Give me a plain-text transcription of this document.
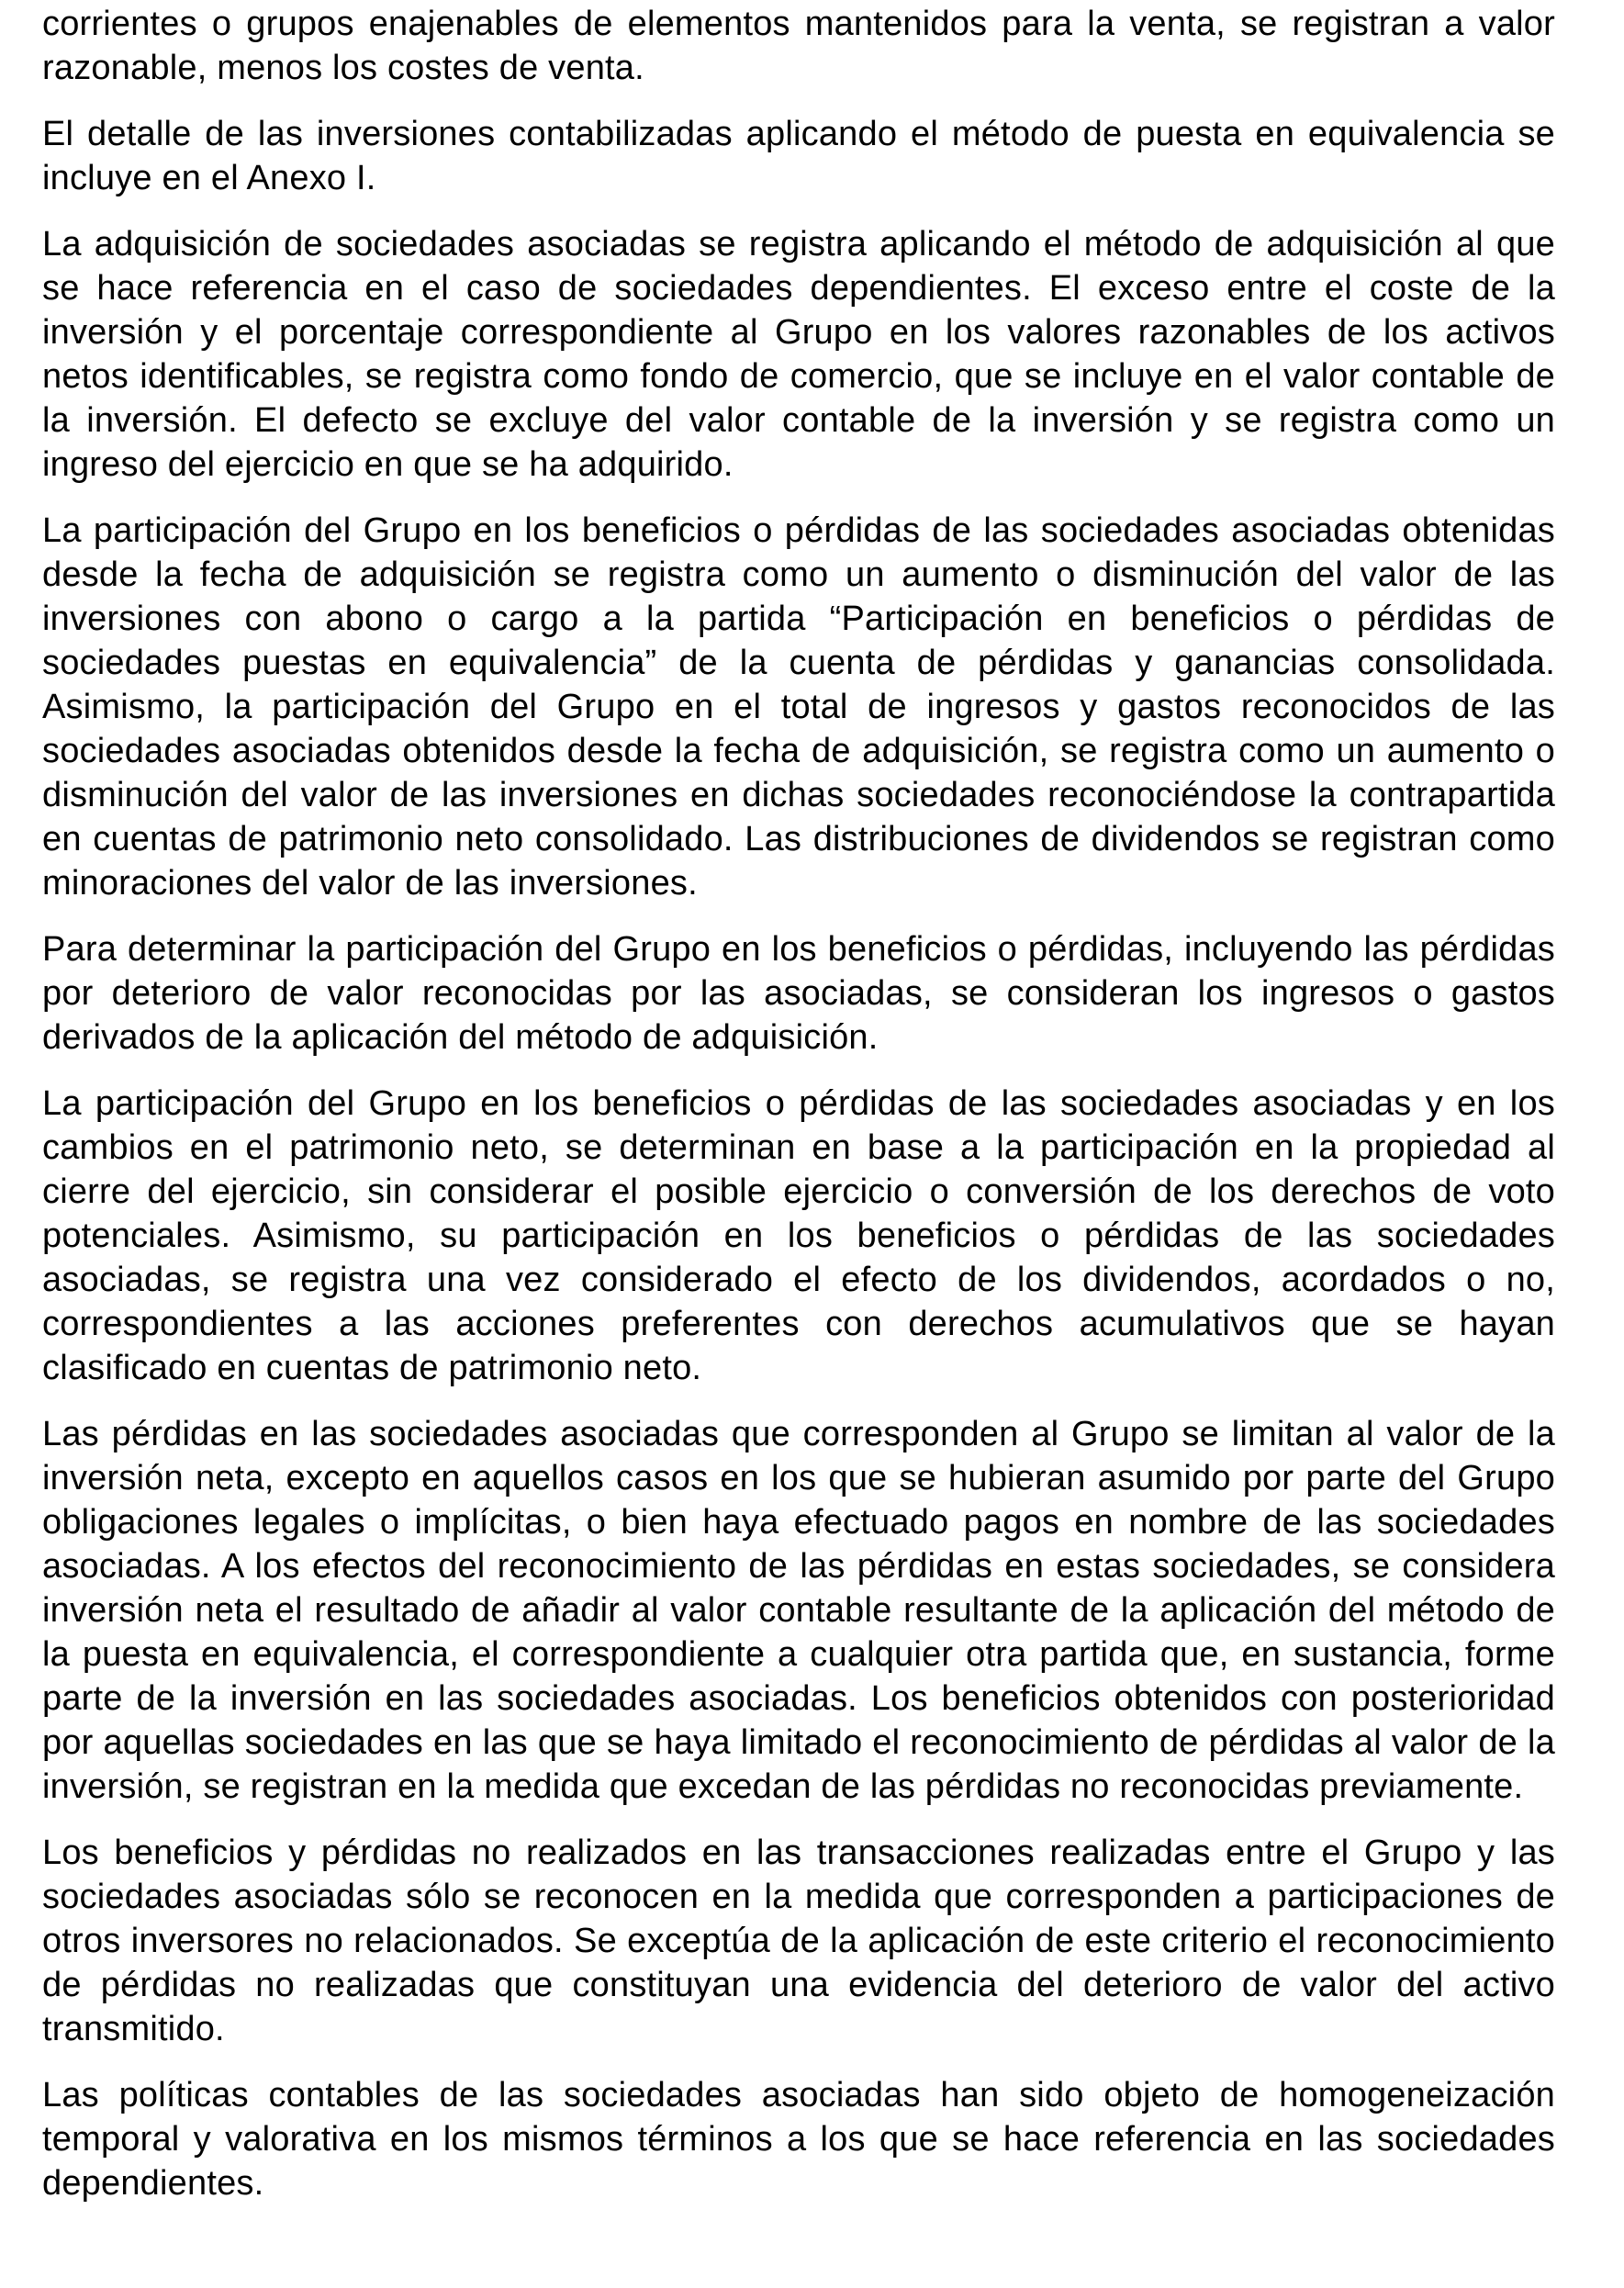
corrientes o grupos enajenables de elementos mantenidos para la venta, se registran a valor razonable, menos los costes de venta.

El detalle de las inversiones contabilizadas aplicando el método de puesta en equivalencia se incluye en el Anexo I.

La adquisición de sociedades asociadas se registra aplicando el método de adquisición al que se hace referencia en el caso de sociedades dependientes. El exceso entre el coste de la inversión y el porcentaje correspondiente al Grupo en los valores razonables de los activos netos identificables, se registra como fondo de comercio, que se incluye en el valor contable de la inversión. El defecto se excluye del valor contable de la inversión y se registra como un ingreso del ejercicio en que se ha adquirido.

La participación del Grupo en los beneficios o pérdidas de las sociedades asociadas obtenidas desde la fecha de adquisición se registra como un aumento o disminución del valor de las inversiones con abono o cargo a la partida “Participación en beneficios o pérdidas de sociedades puestas en equivalencia” de la cuenta de pérdidas y ganancias consolidada. Asimismo, la participación del Grupo en el total de ingresos y gastos reconocidos de las sociedades asociadas obtenidos desde la fecha de adquisición, se registra como un aumento o disminución del valor de las inversiones en dichas sociedades reconociéndose la contrapartida en cuentas de patrimonio neto consolidado. Las distribuciones de dividendos se registran como minoraciones del valor de las inversiones.

Para determinar la participación del Grupo en los beneficios o pérdidas, incluyendo las pérdidas por deterioro de valor reconocidas por las asociadas, se consideran los ingresos o gastos derivados de la aplicación del método de adquisición.

La participación del Grupo en los beneficios o pérdidas de las sociedades asociadas y en los cambios en el patrimonio neto, se determinan en base a la participación en la propiedad al cierre del ejercicio, sin considerar el posible ejercicio o conversión de los derechos de voto potenciales. Asimismo, su participación en los beneficios o pérdidas de las sociedades asociadas, se registra una vez considerado el efecto de los dividendos, acordados o no, correspondientes a las acciones preferentes con derechos acumulativos que se hayan clasificado en cuentas de patrimonio neto.

Las pérdidas en las sociedades asociadas que corresponden al Grupo se limitan al valor de la inversión neta, excepto en aquellos casos en los que se hubieran asumido por parte del Grupo obligaciones legales o implícitas, o bien haya efectuado pagos en nombre de las sociedades asociadas. A los efectos del reconocimiento de las pérdidas en estas sociedades, se considera inversión neta el resultado de añadir al valor contable resultante de la aplicación del método de la puesta en equivalencia, el correspondiente a cualquier otra partida que, en sustancia, forme parte de la inversión en las sociedades asociadas. Los beneficios obtenidos con posterioridad por aquellas sociedades en las que se haya limitado el reconocimiento de pérdidas al valor de la inversión, se registran en la medida que excedan de las pérdidas no reconocidas previamente.

Los beneficios y pérdidas no realizados en las transacciones realizadas entre el Grupo y las sociedades asociadas sólo se reconocen en la medida que corresponden a participaciones de otros inversores no relacionados. Se exceptúa de la aplicación de este criterio el reconocimiento de pérdidas no realizadas que constituyan una evidencia del deterioro de valor del activo transmitido.

Las políticas contables de las sociedades asociadas han sido objeto de homogeneización temporal y valorativa en los mismos términos a los que se hace referencia en las sociedades dependientes.
